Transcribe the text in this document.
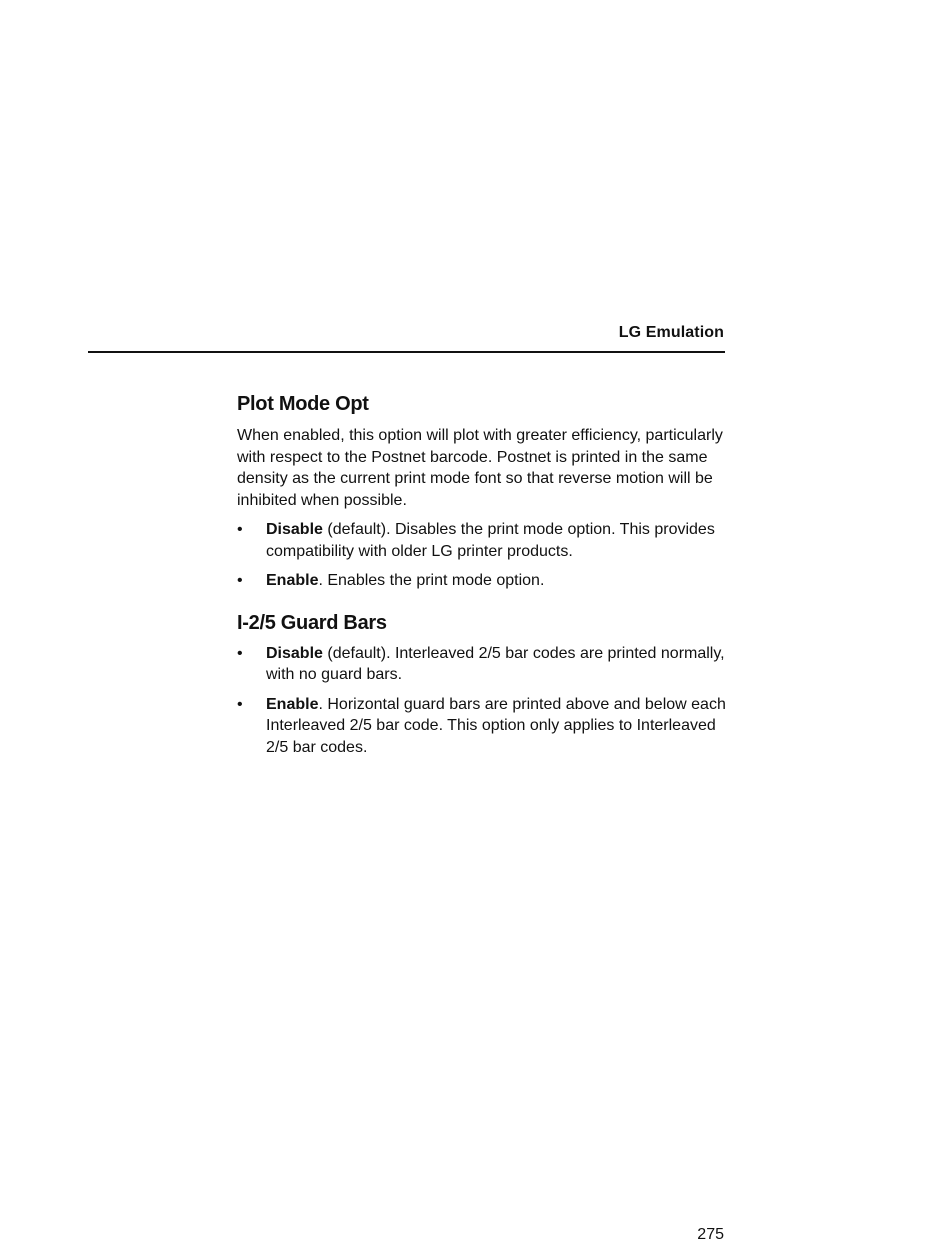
LG Emulation
Plot Mode Opt

When enabled, this option will plot with greater efficiency, particularly with respect to the Postnet barcode. Postnet is printed in the same density as the current print mode font so that reverse motion will be inhibited when possible.

• Disable (default). Disables the print mode option. This provides compatibility with older LG printer products.
• Enable. Enables the print mode option.
I-2/5 Guard Bars
• Disable (default). Interleaved 2/5 bar codes are printed normally, with no guard bars.
• Enable. Horizontal guard bars are printed above and below each Interleaved 2/5 bar code. This option only applies to Interleaved 2/5 bar codes.
275
